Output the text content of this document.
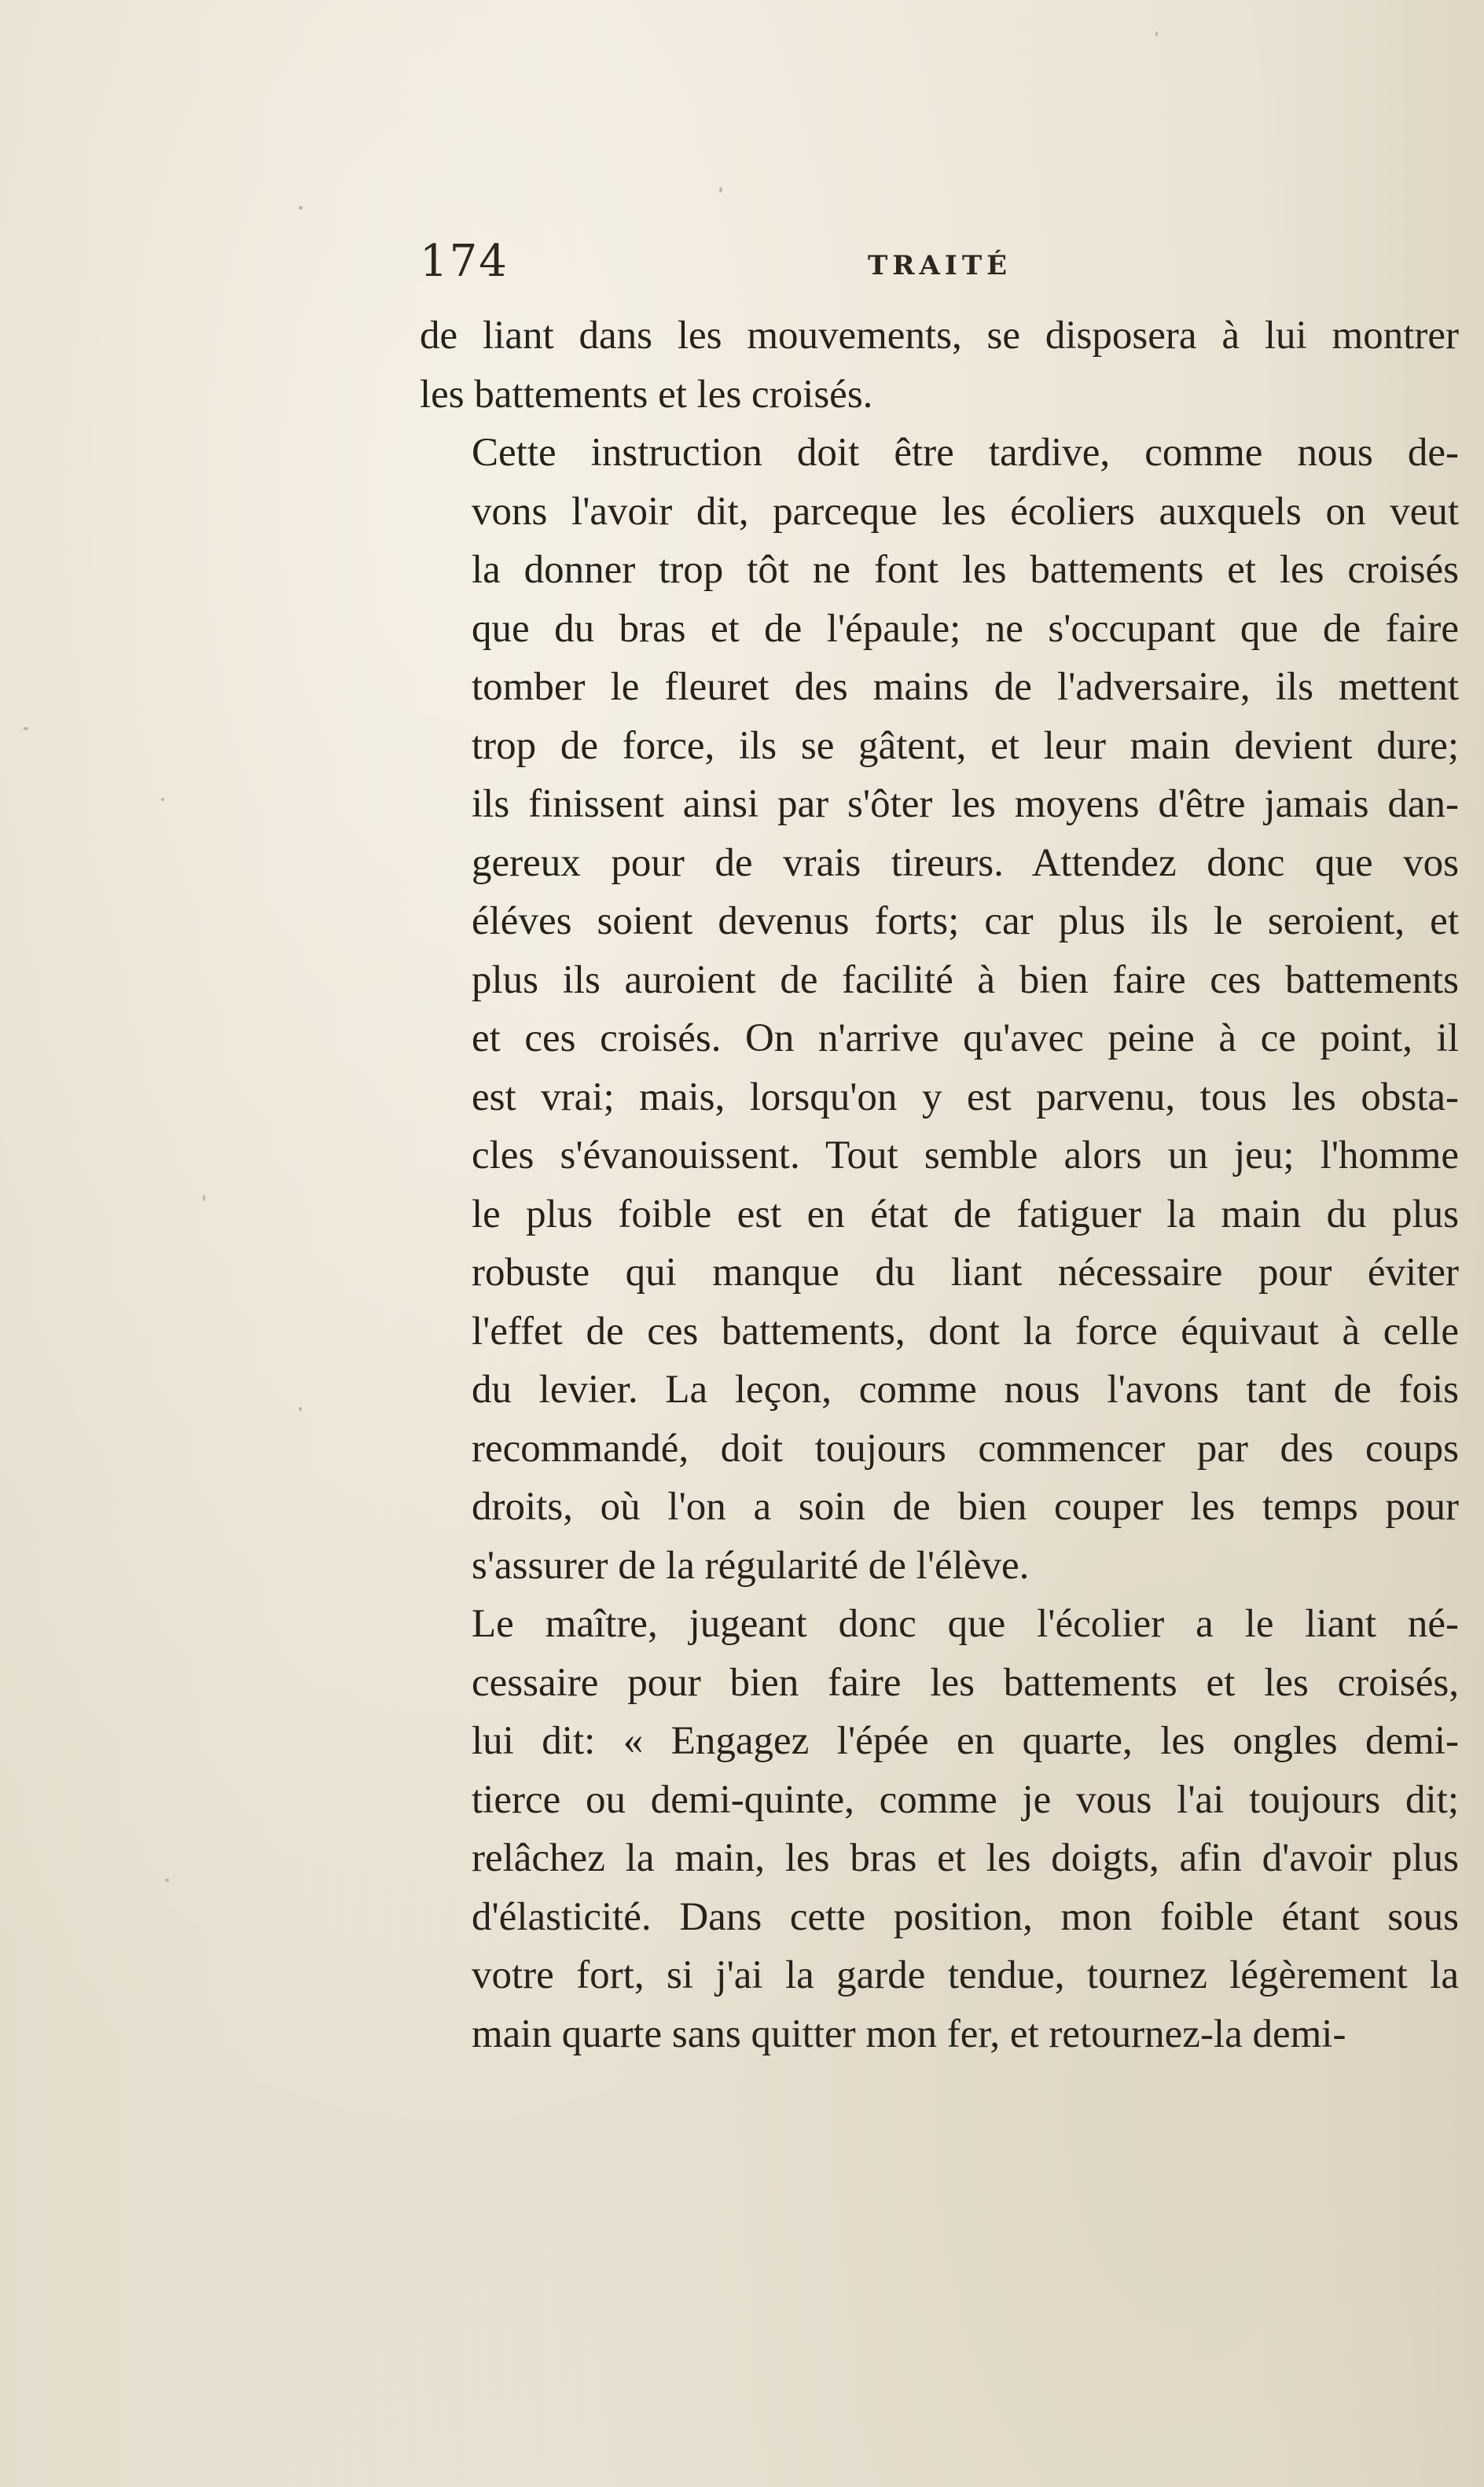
174	TRAITÉ
de liant dans les mouvements, se disposera à lui montrer
les battements et les croisés.
Cette instruction doit être tardive, comme nous de-
vons l'avoir dit, parceque les écoliers auxquels on veut
la donner trop tôt ne font les battements et les croisés
que du bras et de l'épaule; ne s'occupant que de faire
tomber le fleuret des mains de l'adversaire, ils mettent
trop de force, ils se gâtent, et leur main devient dure;
ils finissent ainsi par s'ôter les moyens d'être jamais dan-
gereux pour de vrais tireurs. Attendez donc que vos
éléves soient devenus forts; car plus ils le seroient, et
plus ils auroient de facilité à bien faire ces battements
et ces croisés. On n'arrive qu'avec peine à ce point, il
est vrai; mais, lorsqu'on y est parvenu, tous les obsta-
cles s'évanouissent. Tout semble alors un jeu; l'homme
le plus foible est en état de fatiguer la main du plus
robuste qui manque du liant nécessaire pour éviter
l'effet de ces battements, dont la force équivaut à celle
du levier. La leçon, comme nous l'avons tant de fois
recommandé, doit toujours commencer par des coups
droits, où l'on a soin de bien couper les temps pour
s'assurer de la régularité de l'élève.
Le maître, jugeant donc que l'écolier a le liant né-
cessaire pour bien faire les battements et les croisés,
lui dit: « Engagez l'épée en quarte, les ongles demi-
tierce ou demi-quinte, comme je vous l'ai toujours dit;
relâchez la main, les bras et les doigts, afin d'avoir plus
d'élasticité. Dans cette position, mon foible étant sous
votre fort, si j'ai la garde tendue, tournez légèrement la
main quarte sans quitter mon fer, et retournez-la demi-
